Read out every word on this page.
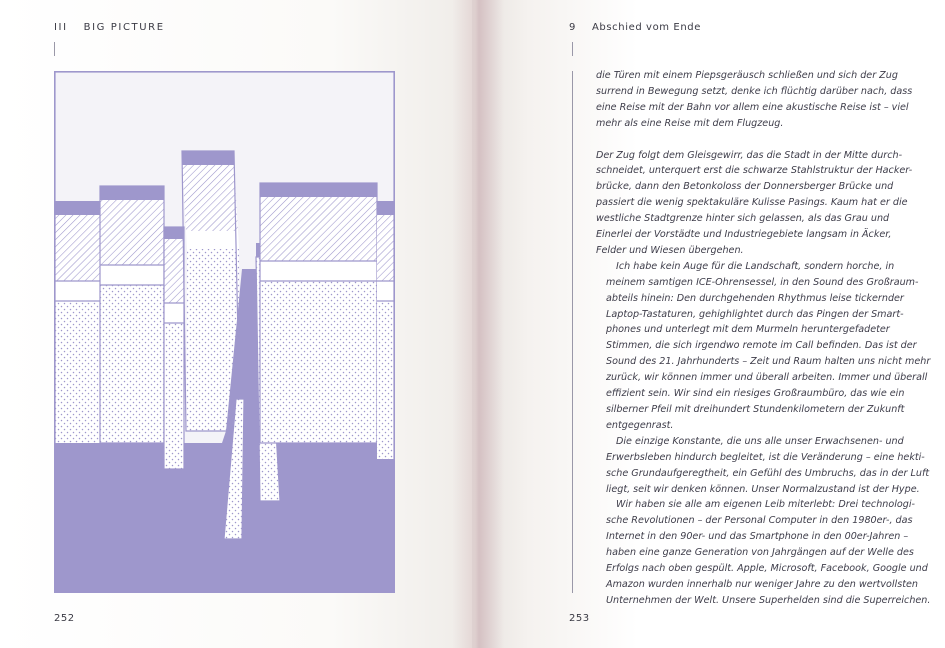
III BIG PICTURE
252
9 Abschied vom Ende

die Türen mit einem Piepsgeräusch schließen und sich der Zug
surrend in Bewegung setzt, denke ich flüchtig darüber nach, dass
eine Reise mit der Bahn vor allem eine akustische Reise ist – viel
mehr als eine Reise mit dem Flugzeug.

Der Zug folgt dem Gleisgewirr, das die Stadt in der Mitte durch-
schneidet, unterquert erst die schwarze Stahlstruktur der Hacker-
brücke, dann den Betonkoloss der Donnersberger Brücke und
passiert die wenig spektakuläre Kulisse Pasings. Kaum hat er die
westliche Stadtgrenze hinter sich gelassen, als das Grau und
Einerlei der Vorstädte und Industriegebiete langsam in Äcker,
Felder und Wiesen übergehen.

Ich habe kein Auge für die Landschaft, sondern horche, in
meinem samtigen ICE-Ohrensessel, in den Sound des Großraum-
abteils hinein: Den durchgehenden Rhythmus leise tickernder
Laptop-Tastaturen, gehighlightet durch das Pingen der Smart-
phones und unterlegt mit dem Murmeln heruntergefadeter
Stimmen, die sich irgendwo remote im Call befinden. Das ist der
Sound des 21. Jahrhunderts – Zeit und Raum halten uns nicht mehr
zurück, wir können immer und überall arbeiten. Immer und überall
effizient sein. Wir sind ein riesiges Großraumbüro, das wie ein
silberner Pfeil mit dreihundert Stundenkilometern der Zukunft
entgegenrast.

Die einzige Konstante, die uns alle unser Erwachsenen- und
Erwerbsleben hindurch begleitet, ist die Veränderung – eine hekti-
sche Grundaufgeregtheit, ein Gefühl des Umbruchs, das in der Luft
liegt, seit wir denken können. Unser Normalzustand ist der Hype.

Wir haben sie alle am eigenen Leib miterlebt: Drei technologi-
sche Revolutionen – der Personal Computer in den 1980er-, das
Internet in den 90er- und das Smartphone in den 00er-Jahren –
haben eine ganze Generation von Jahrgängen auf der Welle des
Erfolgs nach oben gespült. Apple, Microsoft, Facebook, Google und
Amazon wurden innerhalb nur weniger Jahre zu den wertvollsten
Unternehmen der Welt. Unsere Superhelden sind die Superreichen.

253
